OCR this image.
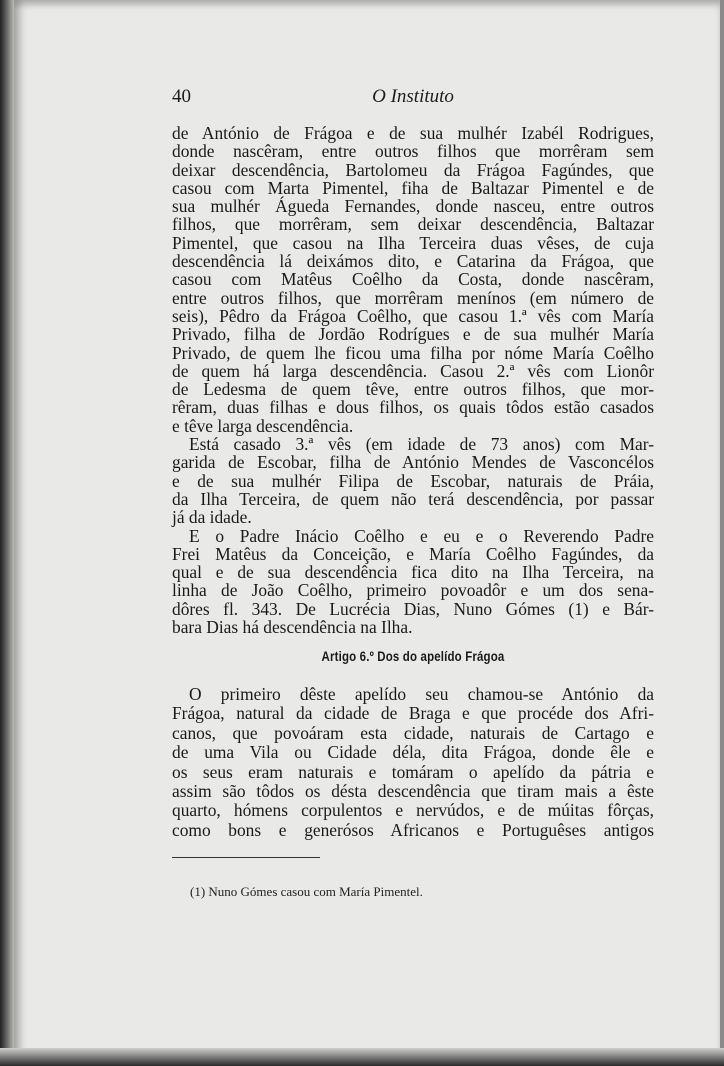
40	O Instituto
de António de Frágoa e de sua mulhér Izabél Rodrigues,
donde nascêram, entre outros filhos que morrêram sem
deixar descendência, Bartolomeu da Frágoa Fagúndes, que
casou com Marta Pimentel, fiha de Baltazar Pimentel e de
sua mulhér Águeda Fernandes, donde nasceu, entre outros
filhos, que morrêram, sem deixar descendência, Baltazar
Pimentel, que casou na Ilha Terceira duas vêses, de cuja
descendência lá deixámos dito, e Catarina da Frágoa, que
casou com Matêus Coêlho da Costa, donde nascêram,
entre outros filhos, que morrêram menínos (em número de
seis), Pêdro da Frágoa Coêlho, que casou 1.ª vês com María
Privado, filha de Jordão Rodrígues e de sua mulhér María
Privado, de quem lhe ficou uma filha por nóme María Coêlho
de quem há larga descendência. Casou 2.ª vês com Lionôr
de Ledesma de quem têve, entre outros filhos, que mor-
rêram, duas filhas e dous filhos, os quais tôdos estão casados
e têve larga descendência.
Está casado 3.ª vês (em idade de 73 anos) com Mar-
garida de Escobar, filha de António Mendes de Vasconcélos
e de sua mulhér Filipa de Escobar, naturais de Práia,
da Ilha Terceira, de quem não terá descendência, por passar
já da idade.
E o Padre Inácio Coêlho e eu e o Reverendo Padre
Frei Matêus da Conceição, e María Coêlho Fagúndes, da
qual e de sua descendência fica dito na Ilha Terceira, na
linha de João Coêlho, primeiro povoadôr e um dos sena-
dôres fl. 343. De Lucrécia Dias, Nuno Gómes (1) e Bár-
bara Dias há descendência na Ilha.
Artigo 6.º Dos do apelído Frágoa
O primeiro dêste apelído seu chamou-se António da
Frágoa, natural da cidade de Braga e que procéde dos Afri-
canos, que povoáram esta cidade, naturais de Cartago e
de uma Vila ou Cidade déla, dita Frágoa, donde êle e
os seus eram naturais e tomáram o apelído da pátria e
assim são tôdos os désta descendência que tiram mais a êste
quarto, hómens corpulentos e nervúdos, e de múitas fôrças,
como bons e generósos Africanos e Portuguêses antigos
(1) Nuno Gómes casou com María Pimentel.
